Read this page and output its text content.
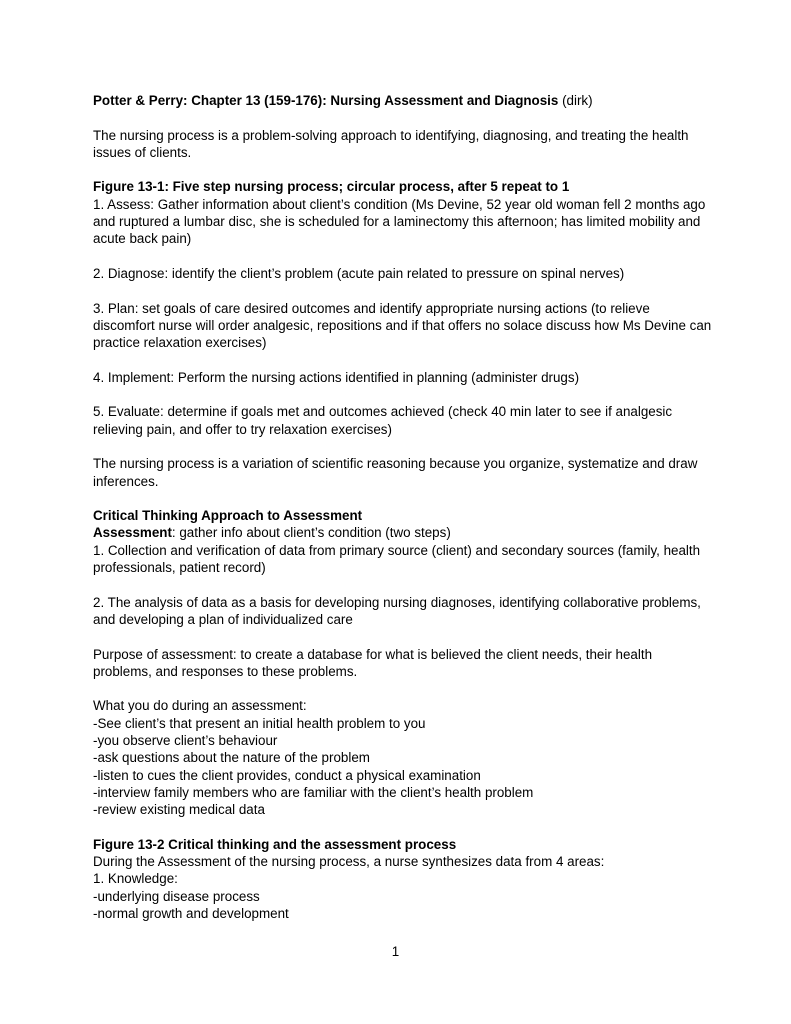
Potter & Perry: Chapter 13 (159-176): Nursing Assessment and Diagnosis (dirk)

The nursing process is a problem-solving approach to identifying, diagnosing, and treating the health
issues of clients.

Figure 13-1: Five step nursing process; circular process, after 5 repeat to 1
1. Assess: Gather information about client’s condition (Ms Devine, 52 year old woman fell 2 months ago
and ruptured a lumbar disc, she is scheduled for a laminectomy this afternoon; has limited mobility and
acute back pain)

2. Diagnose: identify the client’s problem (acute pain related to pressure on spinal nerves)

3. Plan: set goals of care desired outcomes and identify appropriate nursing actions (to relieve
discomfort nurse will order analgesic, repositions and if that offers no solace discuss how Ms Devine can
practice relaxation exercises)

4. Implement: Perform the nursing actions identified in planning (administer drugs)

5. Evaluate: determine if goals met and outcomes achieved (check 40 min later to see if analgesic
relieving pain, and offer to try relaxation exercises)

The nursing process is a variation of scientific reasoning because you organize, systematize and draw
inferences.

Critical Thinking Approach to Assessment
Assessment: gather info about client’s condition (two steps)
1. Collection and verification of data from primary source (client) and secondary sources (family, health
professionals, patient record)

2. The analysis of data as a basis for developing nursing diagnoses, identifying collaborative problems,
and developing a plan of individualized care

Purpose of assessment: to create a database for what is believed the client needs, their health
problems, and responses to these problems.

What you do during an assessment:
-See client’s that present an initial health problem to you
-you observe client’s behaviour
-ask questions about the nature of the problem
-listen to cues the client provides, conduct a physical examination
-interview family members who are familiar with the client’s health problem
-review existing medical data
Figure 13-2 Critical thinking and the assessment process
During the Assessment of the nursing process, a nurse synthesizes data from 4 areas:
1. Knowledge:
-underlying disease process
-normal growth and development
1
